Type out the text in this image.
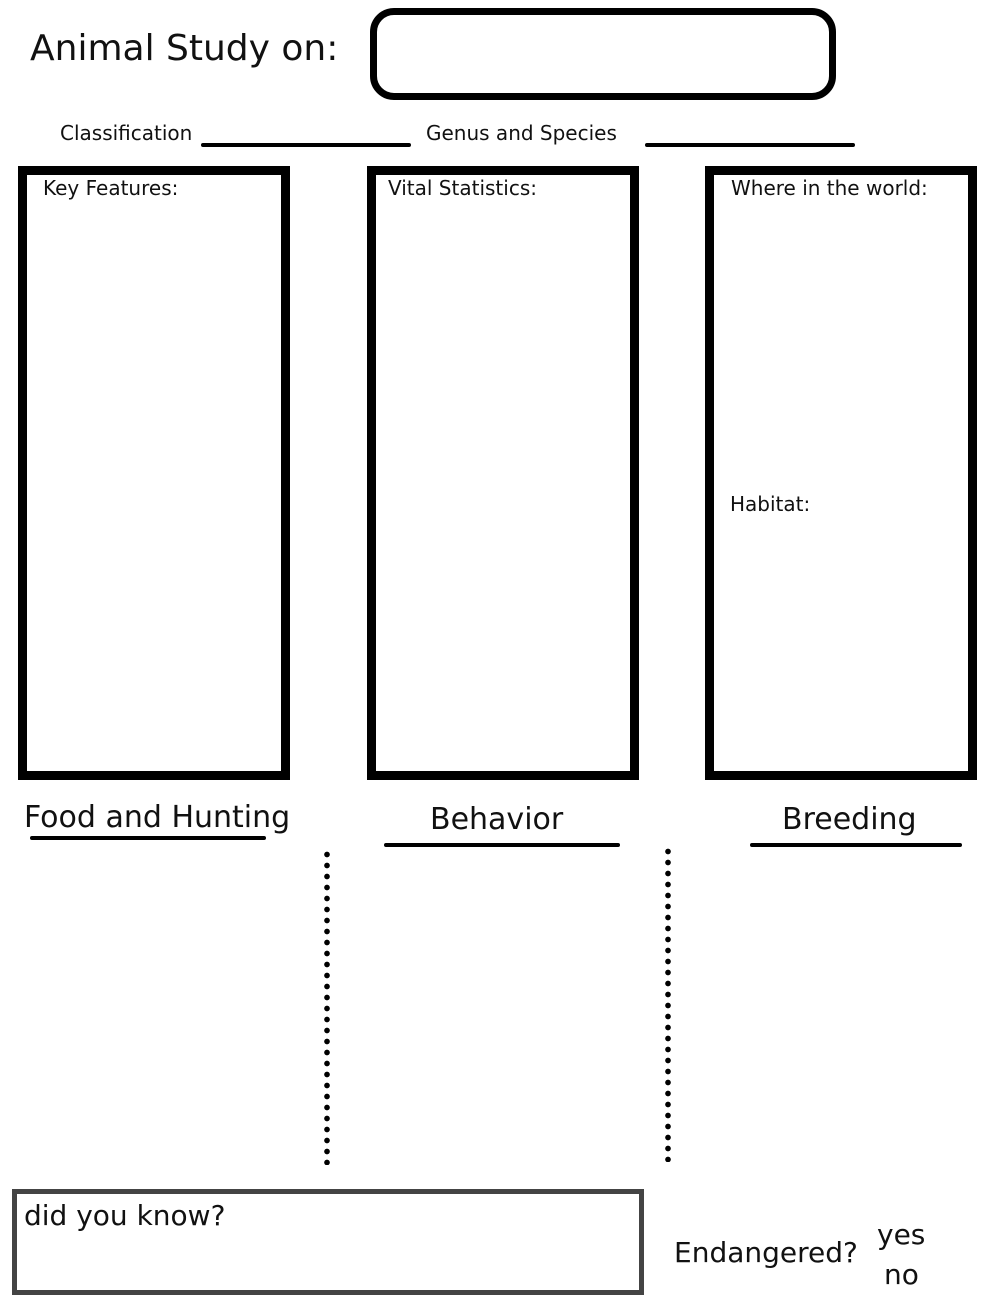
Animal Study on:
Classification	Genus and Species
Key Features:	Vital Statistics:	Where in the world:
Habitat:
Food and Hunting	Behavior	Breeding
did you know?
Endangered?
yes
no
